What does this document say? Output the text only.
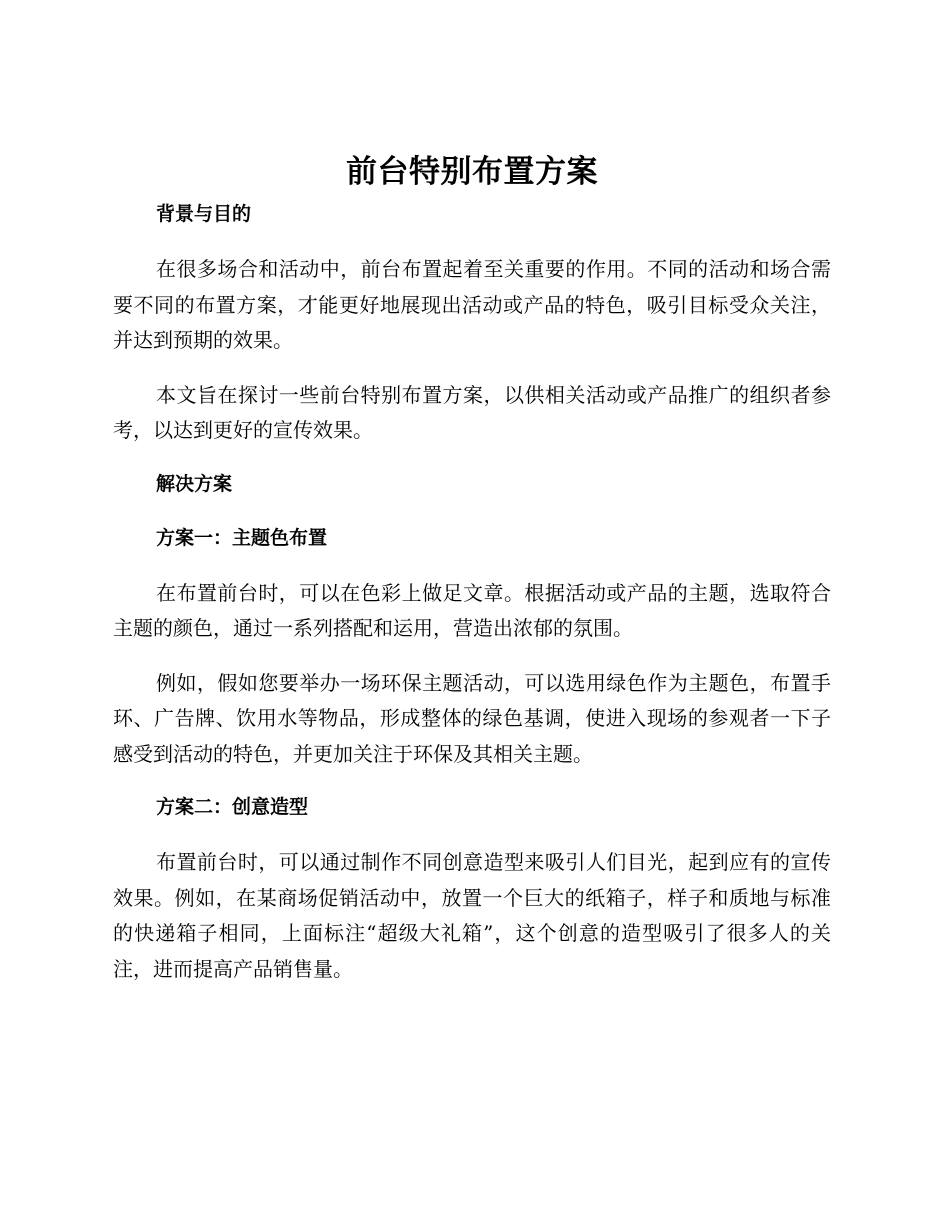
前台特别布置方案

背景与目的

在很多场合和活动中，前台布置起着至关重要的作用。不同的活动和场合需要不同的布置方案，才能更好地展现出活动或产品的特色，吸引目标受众关注，并达到预期的效果。

本文旨在探讨一些前台特别布置方案，以供相关活动或产品推广的组织者参考，以达到更好的宣传效果。

解决方案

方案一：主题色布置

在布置前台时，可以在色彩上做足文章。根据活动或产品的主题，选取符合主题的颜色，通过一系列搭配和运用，营造出浓郁的氛围。

例如，假如您要举办一场环保主题活动，可以选用绿色作为主题色，布置手环、广告牌、饮用水等物品，形成整体的绿色基调，使进入现场的参观者一下子感受到活动的特色，并更加关注于环保及其相关主题。

方案二：创意造型

布置前台时，可以通过制作不同创意造型来吸引人们目光，起到应有的宣传效果。例如，在某商场促销活动中，放置一个巨大的纸箱子，样子和质地与标准的快递箱子相同，上面标注“超级大礼箱”，这个创意的造型吸引了很多人的关注，进而提高产品销售量。
